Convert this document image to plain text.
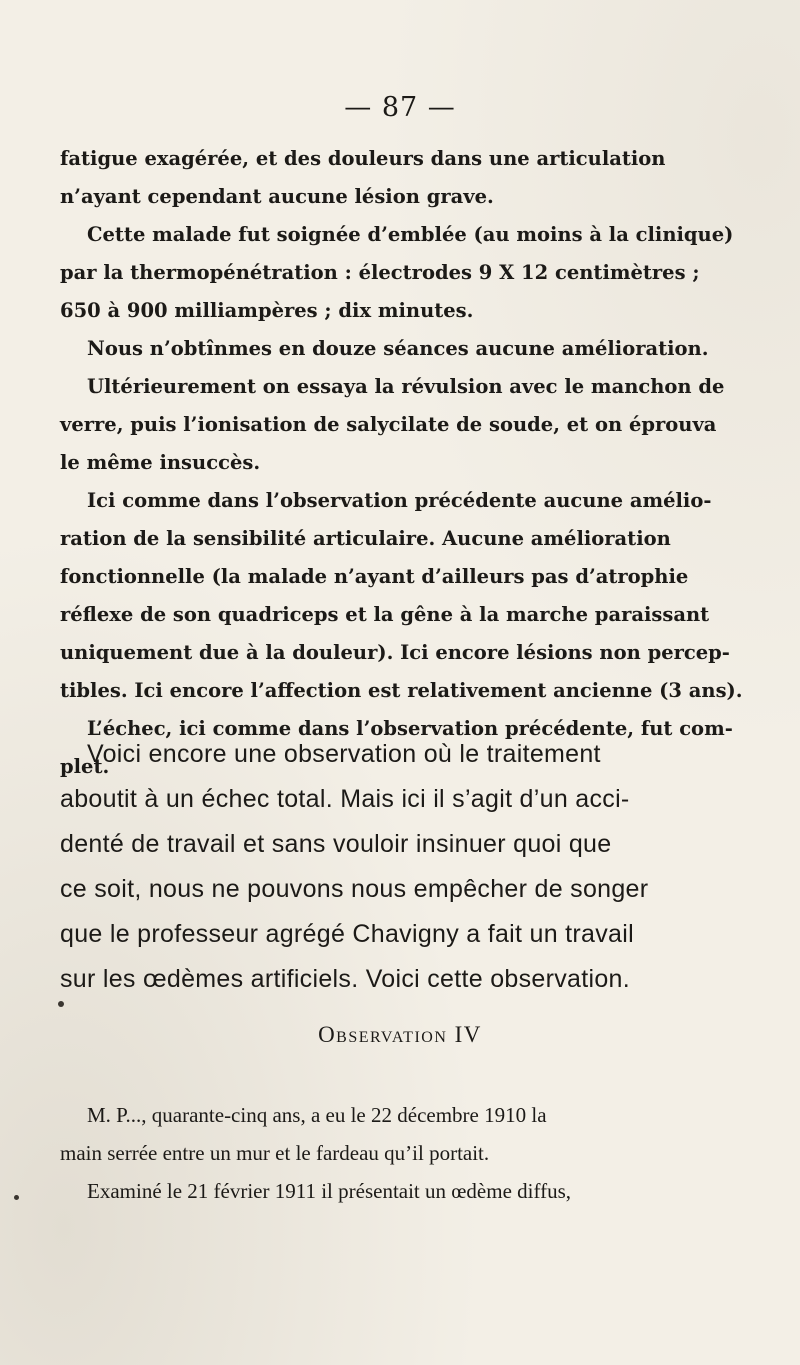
— 87 —

fatigue exagérée, et des douleurs dans une articulation
n’ayant cependant aucune lésion grave.

Cette malade fut soignée d’emblée (au moins à la clinique)
par la thermopénétration : électrodes 9 X 12 centimètres ;
650 à 900 milliampères ; dix minutes.

Nous n’obtînmes en douze séances aucune amélioration.

Ultérieurement on essaya la révulsion avec le manchon de
verre, puis l’ionisation de salycilate de soude, et on éprouva
le même insuccès.

Ici comme dans l’observation précédente aucune amélio-
ration de la sensibilité articulaire. Aucune amélioration
fonctionnelle (la malade n’ayant d’ailleurs pas d’atrophie
réflexe de son quadriceps et la gêne à la marche paraissant
uniquement due à la douleur). Ici encore lésions non percep-
tibles. Ici encore l’affection est relativement ancienne (3 ans).
L’échec, ici comme dans l’observation précédente, fut com-
plet.

Voici encore une observation où le traitement
aboutit à un échec total. Mais ici il s’agit d’un acci-
denté de travail et sans vouloir insinuer quoi que
ce soit, nous ne pouvons nous empêcher de songer
que le professeur agrégé Chavigny a fait un travail
sur les œdèmes artificiels. Voici cette observation.

Observation IV

M. P..., quarante-cinq ans, a eu le 22 décembre 1910 la
main serrée entre un mur et le fardeau qu’il portait.

Examiné le 21 février 1911 il présentait un œdème diffus,
